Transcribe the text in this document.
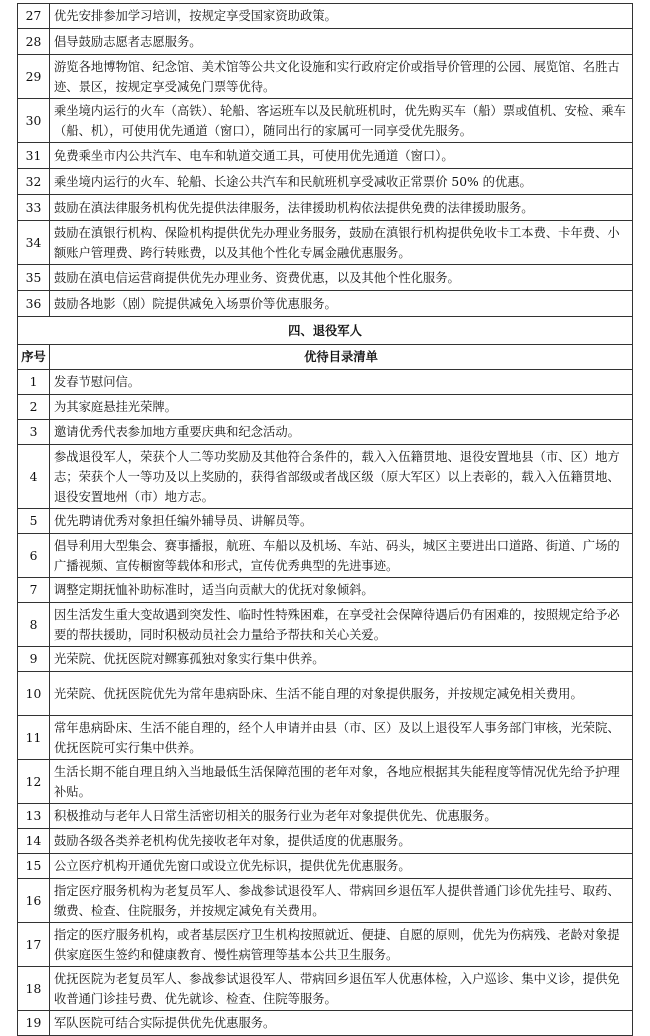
27	优先安排参加学习培训，按规定享受国家资助政策。
28	倡导鼓励志愿者志愿服务。
29	游览各地博物馆、纪念馆、美术馆等公共文化设施和实行政府定价或指导价管理的公园、展览馆、名胜古迹、景区，按规定享受减免门票等优待。
30	乘坐境内运行的火车（高铁）、轮船、客运班车以及民航班机时，优先购买车（船）票或值机、安检、乘车（船、机），可使用优先通道（窗口），随同出行的家属可一同享受优先服务。
31	免费乘坐市内公共汽车、电车和轨道交通工具，可使用优先通道（窗口）。
32	乘坐境内运行的火车、轮船、长途公共汽车和民航班机享受减收正常票价 50% 的优惠。
33	鼓励在滇法律服务机构优先提供法律服务，法律援助机构依法提供免费的法律援助服务。
34	鼓励在滇银行机构、保险机构提供优先办理业务服务，鼓励在滇银行机构提供免收卡工本费、卡年费、小额账户管理费、跨行转账费，以及其他个性化专属金融优惠服务。
35	鼓励在滇电信运营商提供优先办理业务、资费优惠，以及其他个性化服务。
36	鼓励各地影（剧）院提供减免入场票价等优惠服务。
四、退役军人	
序号	优待目录清单
1	发春节慰问信。
2	为其家庭悬挂光荣牌。
3	邀请优秀代表参加地方重要庆典和纪念活动。
4	参战退役军人，荣获个人二等功奖励及其他符合条件的，载入入伍籍贯地、退役安置地县（市、区）地方志；荣获个人一等功及以上奖励的，获得省部级或者战区级（原大军区）以上表彰的，载入入伍籍贯地、退役安置地州（市）地方志。
5	优先聘请优秀对象担任编外辅导员、讲解员等。
6	倡导利用大型集会、赛事播报，航班、车船以及机场、车站、码头，城区主要进出口道路、街道、广场的广播视频、宣传橱窗等载体和形式，宣传优秀典型的先进事迹。
7	调整定期抚恤补助标准时，适当向贡献大的优抚对象倾斜。
8	因生活发生重大变故遇到突发性、临时性特殊困难，在享受社会保障待遇后仍有困难的，按照规定给予必要的帮扶援助，同时积极动员社会力量给予帮扶和关心关爱。
9	光荣院、优抚医院对鳏寡孤独对象实行集中供养。
10	光荣院、优抚医院优先为常年患病卧床、生活不能自理的对象提供服务，并按规定减免相关费用。
11	常年患病卧床、生活不能自理的，经个人申请并由县（市、区）及以上退役军人事务部门审核，光荣院、优抚医院可实行集中供养。
12	生活长期不能自理且纳入当地最低生活保障范围的老年对象，各地应根据其失能程度等情况优先给予护理补贴。
13	积极推动与老年人日常生活密切相关的服务行业为老年对象提供优先、优惠服务。
14	鼓励各级各类养老机构优先接收老年对象，提供适度的优惠服务。
15	公立医疗机构开通优先窗口或设立优先标识，提供优先优惠服务。
16	指定医疗服务机构为老复员军人、参战参试退役军人、带病回乡退伍军人提供普通门诊优先挂号、取药、缴费、检查、住院服务，并按规定减免有关费用。
17	指定的医疗服务机构，或者基层医疗卫生机构按照就近、便捷、自愿的原则，优先为伤病残、老龄对象提供家庭医生签约和健康教育、慢性病管理等基本公共卫生服务。
18	优抚医院为老复员军人、参战参试退役军人、带病回乡退伍军人优惠体检，入户巡诊、集中义诊，提供免收普通门诊挂号费、优先就诊、检查、住院等服务。
19	军队医院可结合实际提供优先优惠服务。
